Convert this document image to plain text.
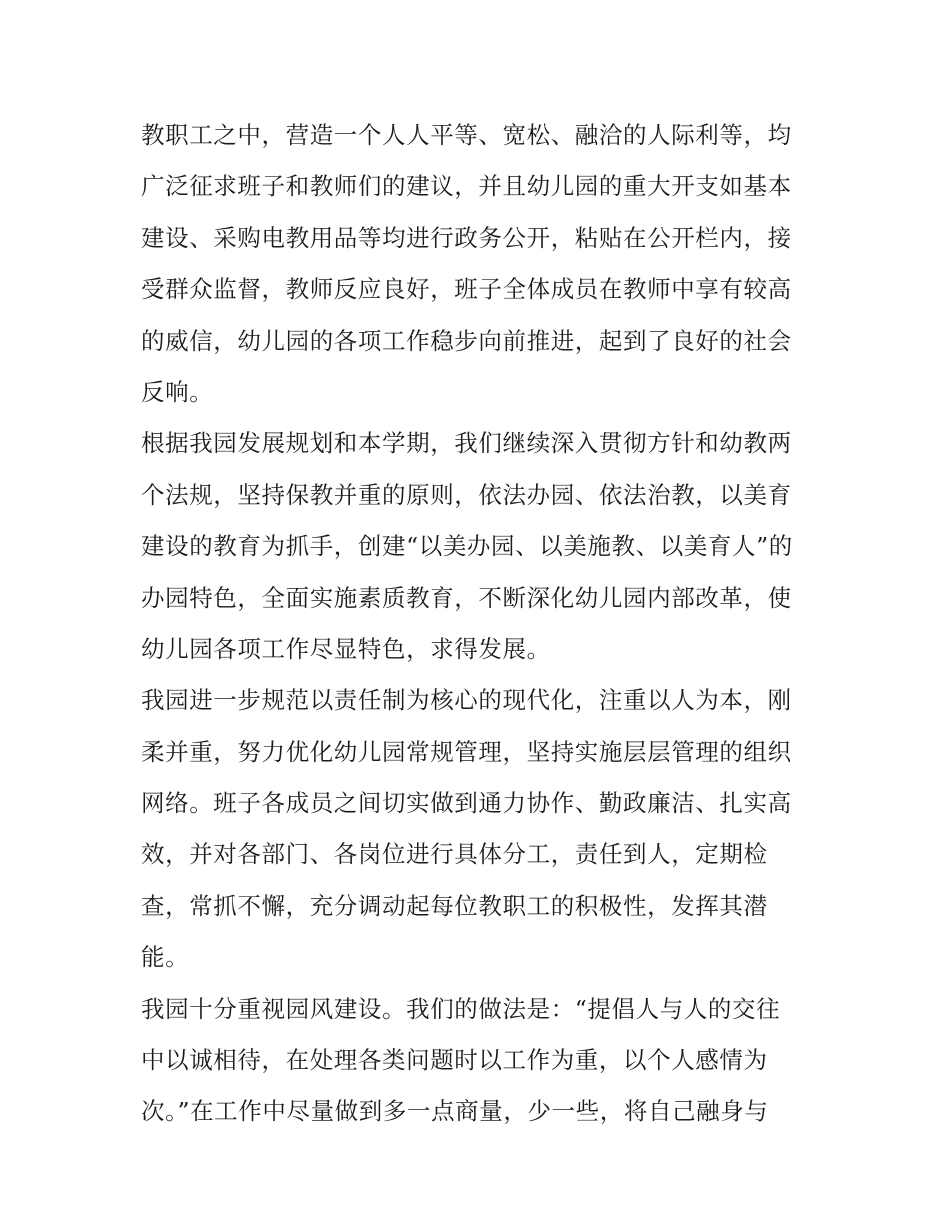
教职工之中，营造一个人人平等、宽松、融洽的人际利等，均
广泛征求班子和教师们的建议，并且幼儿园的重大开支如基本
建设、采购电教用品等均进行政务公开，粘贴在公开栏内，接
受群众监督，教师反应良好，班子全体成员在教师中享有较高
的威信，幼儿园的各项工作稳步向前推进，起到了良好的社会
反响。
根据我园发展规划和本学期，我们继续深入贯彻方针和幼教两
个法规，坚持保教并重的原则，依法办园、依法治教，以美育
建设的教育为抓手，创建“以美办园、以美施教、以美育人”的
办园特色，全面实施素质教育，不断深化幼儿园内部改革，使
幼儿园各项工作尽显特色，求得发展。
我园进一步规范以责任制为核心的现代化，注重以人为本，刚
柔并重，努力优化幼儿园常规管理，坚持实施层层管理的组织
网络。班子各成员之间切实做到通力协作、勤政廉洁、扎实高
效，并对各部门、各岗位进行具体分工，责任到人，定期检
查，常抓不懈，充分调动起每位教职工的积极性，发挥其潜
能。
我园十分重视园风建设。我们的做法是：“提倡人与人的交往
中以诚相待，在处理各类问题时以工作为重，以个人感情为
次。”在工作中尽量做到多一点商量，少一些，将自己融身与
